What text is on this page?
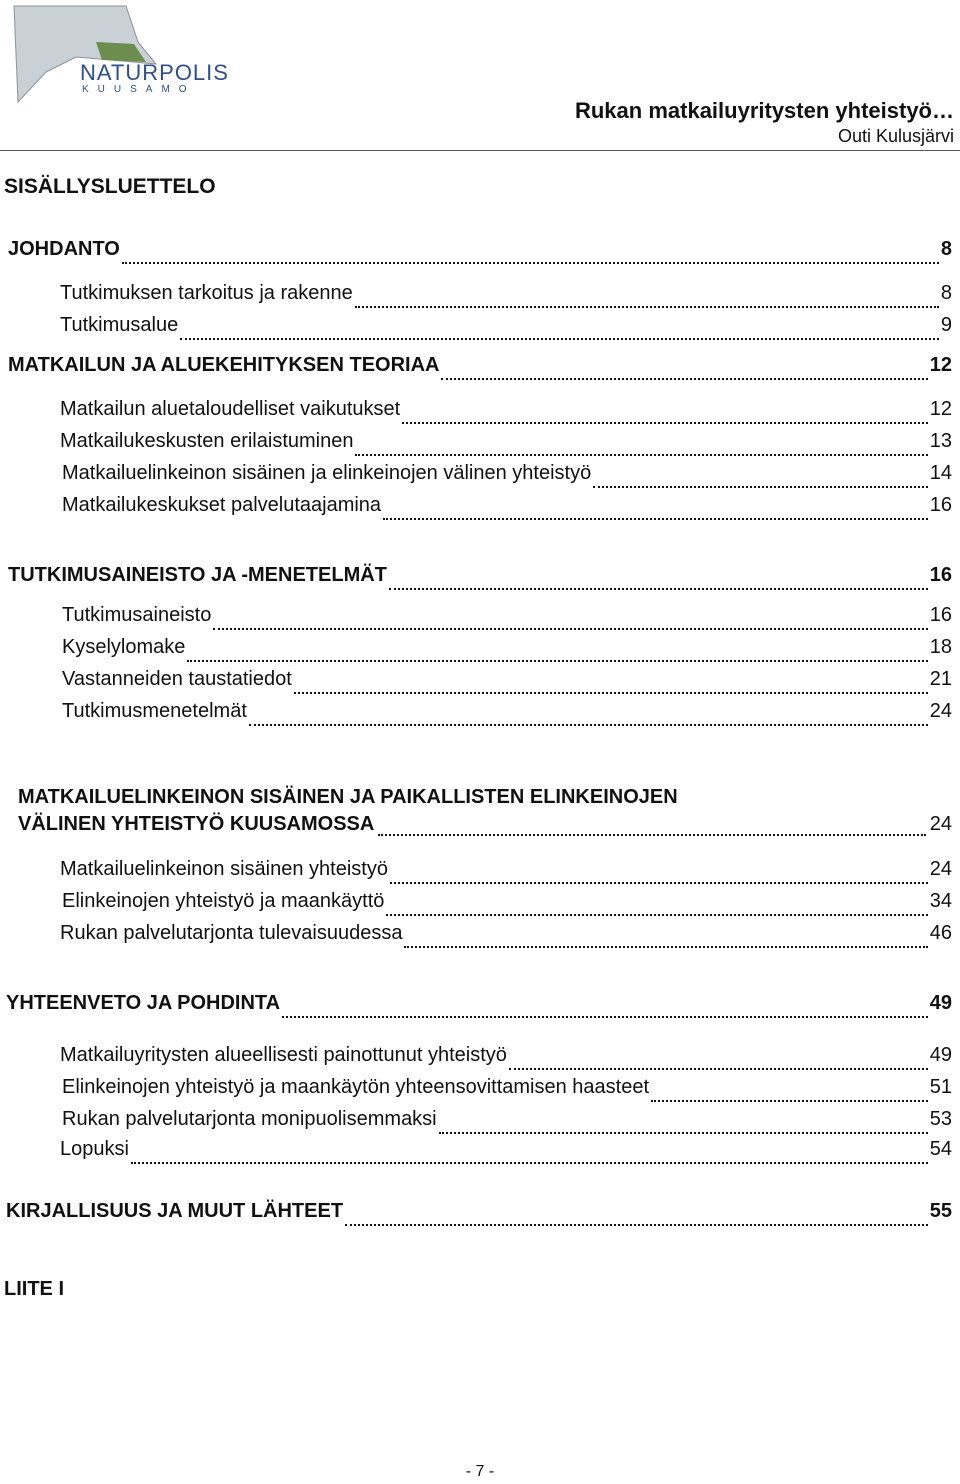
NATURPOLIS
KUUSAMO
Rukan matkailuyritysten yhteistyö…
Outi Kulusjärvi
SISÄLLYSLUETTELO
JOHDANTO	8
Tutkimuksen tarkoitus ja rakenne	8
Tutkimusalue	9
MATKAILUN JA ALUEKEHITYKSEN TEORIAA	12
Matkailun aluetaloudelliset vaikutukset	12
Matkailukeskusten erilaistuminen	13
Matkailuelinkeinon sisäinen ja elinkeinojen välinen yhteistyö	14
Matkailukeskukset palvelutaajamina	16
TUTKIMUSAINEISTO JA -MENETELMÄT	16
Tutkimusaineisto	16
Kyselylomake	18
Vastanneiden taustatiedot	21
Tutkimusmenetelmät	24
MATKAILUELINKEINON SISÄINEN JA PAIKALLISTEN ELINKEINOJEN
VÄLINEN YHTEISTYÖ KUUSAMOSSA	24
Matkailuelinkeinon sisäinen yhteistyö	24
Elinkeinojen yhteistyö ja maankäyttö	34
Rukan palvelutarjonta tulevaisuudessa	46
YHTEENVETO JA POHDINTA	49
Matkailuyritysten alueellisesti painottunut yhteistyö	49
Elinkeinojen yhteistyö ja maankäytön yhteensovittamisen haasteet	51
Rukan palvelutarjonta monipuolisemmaksi	53
Lopuksi	54
KIRJALLISUUS JA MUUT LÄHTEET	55
LIITE I
- 7 -
